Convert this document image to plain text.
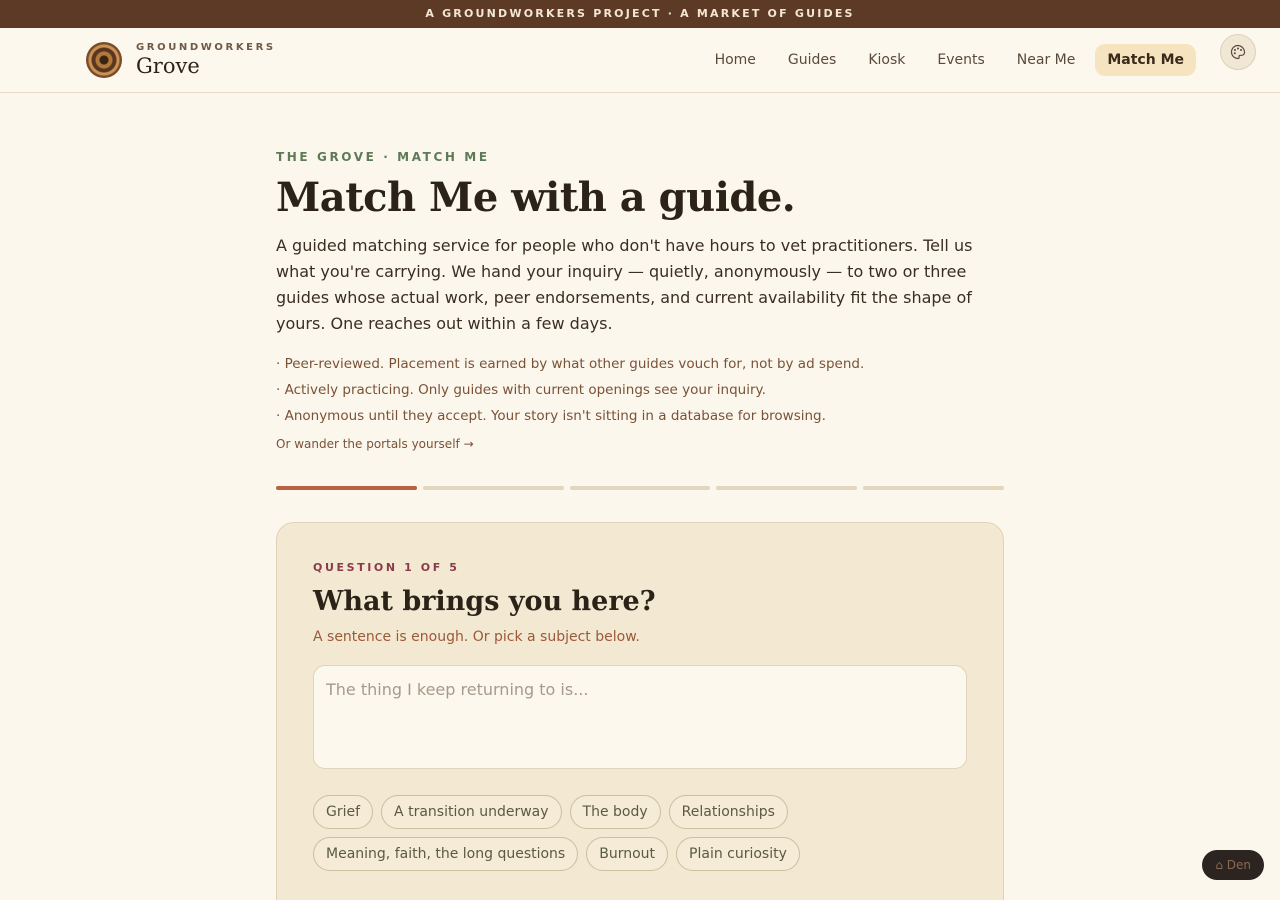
A GROUNDWORKERS PROJECT · A MARKET OF GUIDES
GROUNDWORKERS
Grove	Home	Guides	Kiosk	Events	Near Me	Match Me
THE GROVE · MATCH ME
Match Me with a guide.

A guided matching service for people who don't have hours to vet practitioners. Tell us what you're carrying. We hand your inquiry — quietly, anonymously — to two or three guides whose actual work, peer endorsements, and current availability fit the shape of yours. One reaches out within a few days.

· Peer-reviewed. Placement is earned by what other guides vouch for, not by ad spend.
· Actively practicing. Only guides with current openings see your inquiry.
· Anonymous until they accept. Your story isn't sitting in a database for browsing.
Or wander the portals yourself →
QUESTION 1 OF 5
What brings you here?

A sentence is enough. Or pick a subject below.

The thing I keep returning to is...
Grief	A transition underway	The body	Relationships
Meaning, faith, the long questions	Burnout	Plain curiosity
⌂ Den
